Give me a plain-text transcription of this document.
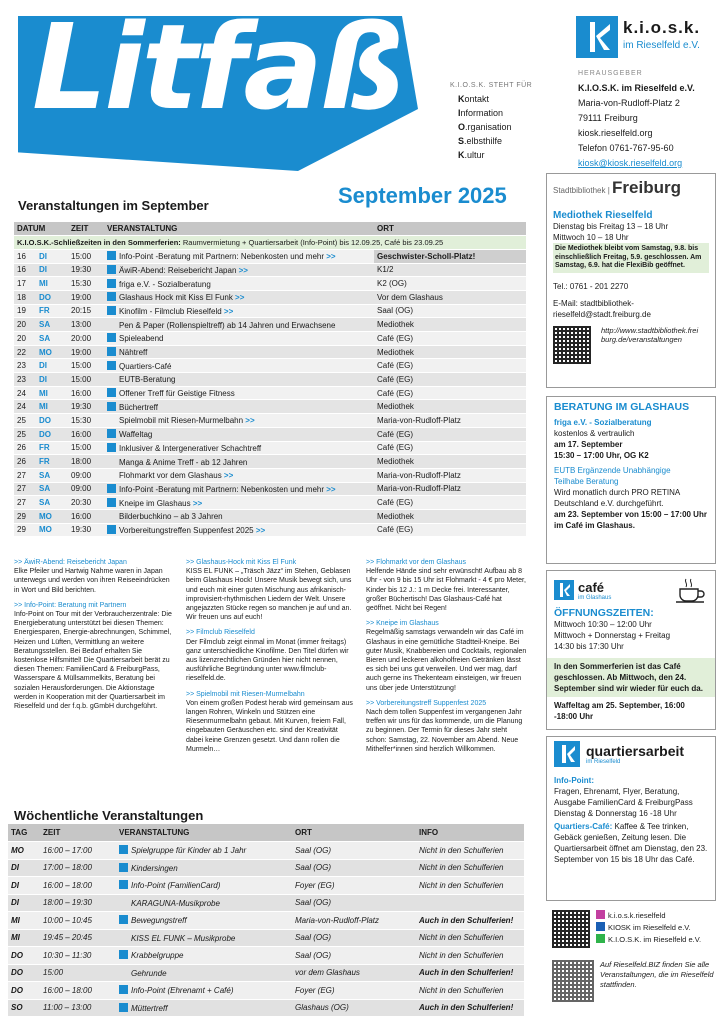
Litfaß	K.I.O.S.K. STEHT FÜR
Kontakt
Information
O.rganisation
S.elbsthilfe
K.ultur
k.i.o.s.k.
im Rieselfeld e.V.
HERAUSGEBER
K.I.O.S.K. im Rieselfeld e.V.
Maria-von-Rudloff-Platz 2
79111 Freiburg
kiosk.rieselfeld.org
Telefon 0761-767-95-60
kiosk@kiosk.rieselfeld.org
September 2025
Veranstaltungen im September
DATUM		ZEIT	VERANSTALTUNG	ORT
K.I.O.S.K.-Schließzeiten in den Sommerferien: Raumvermietung + Quartiersarbeit (Info-Point) bis 12.09.25, Café bis 23.09.25				
16	DI	15:00	Info-Point -Beratung mit Partnern: Nebenkosten und mehr >>	Geschwister-Scholl-Platz!
16	DI	19:30	ÄwiR-Abend: Reisebericht Japan >>	K1/2
17	MI	15:30	friga e.V. - Sozialberatung	K2 (OG)
18	DO	19:00	Glashaus Hock mit Kiss El Funk >>	Vor dem Glashaus
19	FR	20:15	Kinofilm - Filmclub Rieselfeld >>	Saal (OG)
20	SA	13:00	Pen & Paper (Rollenspieltreff) ab 14 Jahren und Erwachsene	Mediothek
20	SA	20:00	Spieleabend	Café (EG)
22	MO	19:00	Nähtreff	Mediothek
23	DI	15:00	Quartiers-Café	Café (EG)
23	DI	15:00	EUTB-Beratung	Café (EG)
24	MI	16:00	Offener Treff für Geistige Fitness	Café (EG)
24	MI	19:30	Büchertreff	Mediothek
25	DO	15:30	Spielmobil mit Riesen-Murmelbahn >>	Maria-von-Rudloff-Platz
25	DO	16:00	Waffeltag	Café (EG)
26	FR	15:00	Inklusiver & Intergenerativer Schachtreff	Café (EG)
26	FR	18:00	Manga & Anime Treff - ab 12 Jahren	Mediothek
27	SA	09:00	Flohmarkt vor dem Glashaus >>	Maria-von-Rudloff-Platz
27	SA	09:00	Info-Point -Beratung mit Partnern: Nebenkosten und mehr >>	Maria-von-Rudloff-Platz
27	SA	20:30	Kneipe im Glashaus >>	Café (EG)
29	MO	16:00	Bilderbuchkino – ab 3 Jahren	Mediothek
29	MO	19:30	Vorbereitungstreffen Suppenfest 2025 >>	Café (EG)

>> ÄwiR-Abend: Reisebericht Japan
Elke Pfeiler und Hartwig Nahme waren in Japan unterwegs und werden von ihren Reiseeindrücken in Wort und Bild berichten.

>> Info-Point: Beratung mit Partnern
Info-Point on Tour mit der Verbraucherzentrale: Die Energieberatung unterstützt bei diesen Themen: Energiesparen, Energie-abrechnungen, Schimmel, Heizen und Lüften, Vermittlung an weitere Beratungsstellen. Bei Bedarf erhalten Sie kostenlose Hilfsmittel! Die Quartiersarbeit berät zu diesen Themen: FamilienCard & FreiburgPass, Wasserspare & Müllsammelkits, Beratung bei sozialen Herausforderungen. Die Aktionstage werden in Kooperation mit der Quartiersarbeit im Rieselfeld und der f.q.b. gGmbH durchgeführt.

>> Glashaus-Hock mit Kiss El Funk
KISS EL FUNK – „Träsch Jäzz“ im Stehen, Geblasen beim Glashaus Hock! Unsere Musik bewegt sich, uns und euch mit einer guten Mischung aus afrikanisch-improvisiert-rhythmischen Liedern der Welt. Unsere angejazzten Stücke regen so manchen je auf und an. Wir freuen uns auf euch!

>> Filmclub Rieselfeld
Der Filmclub zeigt einmal im Monat (immer freitags) ganz unterschiedliche Kinofilme. Den Titel dürfen wir aus lizenzrechtlichen Gründen hier nicht nennen, ausführliche Begründung unter www.filmclub-rieselfeld.de.

>> Spielmobil mit Riesen-Murmelbahn
Von einem großen Podest herab wird gemeinsam aus langen Rohren, Winkeln und Stützen eine Riesenmurmelbahn gebaut. Mit Kurven, freiem Fall, eingebauten Geräuschen etc. sind der Kreativität dabei keine Grenzen gesetzt. Und dann rollen die Murmeln…

>> Flohmarkt vor dem Glashaus
Helfende Hände sind sehr erwünscht! Aufbau ab 8 Uhr - von 9 bis 15 Uhr ist Flohmarkt - 4 € pro Meter, Kinder bis 12 J.: 1 m Decke frei. Interessanter, großer Büchertisch! Das Glashaus-Café hat geöffnet. Nicht bei Regen!

>> Kneipe im Glashaus
Regelmäßig samstags verwandeln wir das Café im Glashaus in eine gemütliche Stadtteil-Kneipe. Bei guter Musik, Knabbereien und Cocktails, regionalen Bieren und leckeren alkoholfreien Getränken lässt es sich bei uns gut verweilen. Und wer mag, darf auch gerne ins Thekenteam einsteigen, wir freuen uns über jede Unterstützung!

>> Vorbereitungstreff Suppenfest 2025
Nach dem tollen Suppenfest im vergangenen Jahr treffen wir uns für das kommende, um die Planung zu beginnen. Der Termin für dieses Jahr steht schon: Samstag, 22. November am Abend. Neue Mithelfer*innen sind herzlich Willkommen.

Wöchentliche Veranstaltungen
TAG	ZEIT	VERANSTALTUNG	ORT	INFO
MO	16:00 – 17:00	Spielgruppe für Kinder ab 1 Jahr	Saal (OG)	Nicht in den Schulferien
DI	17:00 – 18:00	Kindersingen	Saal (OG)	Nicht in den Schulferien
DI	16:00 – 18:00	Info-Point (FamilienCard)	Foyer (EG)	Nicht in den Schulferien
DI	18:00 – 19:30	KARAGUNA-Musikprobe	Saal (OG)	
MI	10:00 – 10:45	Bewegungstreff	Maria-von-Rudloff-Platz	Auch in den Schulferien!
MI	19:45 – 20:45	KISS EL FUNK – Musikprobe	Saal (OG)	Nicht in den Schulferien
DO	10:30 – 11:30	Krabbelgruppe	Saal (OG)	Nicht in den Schulferien
DO	15:00	Gehrunde	vor dem Glashaus	Auch in den Schulferien!
DO	16:00 – 18:00	Info-Point (Ehrenamt + Café)	Foyer (EG)	Nicht in den Schulferien
SO	11:00 – 13:00	Müttertreff	Glashaus (OG)	Auch in den Schulferien!
Stadtbibliothek | Freiburg
Mediothek Rieselfeld
Dienstag bis Freitag 13 – 18 Uhr
Mittwoch 10 – 18 Uhr
Die Mediothek bleibt vom Samstag, 9.8. bis einschließlich Freitag, 5.9. geschlossen. Am Samstag, 6.9. hat die FlexiBib geöffnet.
Tel.: 0761 - 201 2270
E-Mail: stadtbibliothek-
rieselfeld@stadt.freiburg.de
http://www.stadtbibliothek.freiburg.de/veranstaltungen
BERATUNG IM GLASHAUS

friga e.V. - Sozialberatung
kostenlos & vertraulich
am 17. September
15:30 – 17:00 Uhr, OG K2

EUTB Ergänzende Unabhängige
Teilhabe Beratung
Wird monatlich durch PRO RETINA Deutschland e.V. durchgeführt.
am 23. September von 15:00 – 17:00 Uhr im Café im Glashaus.

café
im Glashaus
ÖFFNUNGSZEITEN:
Mittwoch 10:30 – 12:00 Uhr
Mittwoch + Donnerstag + Freitag
14:30 bis 17:30 Uhr
In den Sommerferien ist das Café geschlossen. Ab Mittwoch, den 24. September sind wir wieder für euch da.
Waffeltag am 25. September, 16:00 -18:00 Uhr
quartiersarbeit
im Rieselfeld
Info-Point:
Fragen, Ehrenamt, Flyer, Beratung, Ausgabe FamilienCard & FreiburgPass Dienstag & Donnerstag 16 -18 Uhr
Quartiers-Café: Kaffee & Tee trinken, Gebäck genießen, Zeitung lesen. Die Quartiersarbeit öffnet am Dienstag, den 23. September von 15 bis 18 Uhr das Café.
k.i.o.s.k.rieselfeld
KIOSK im Rieselfeld e.V.
K.I.O.S.K. im Rieselfeld e.V.
Auf Rieselfeld.BIZ finden Sie alle Veranstaltungen, die im Rieselfeld stattfinden.
